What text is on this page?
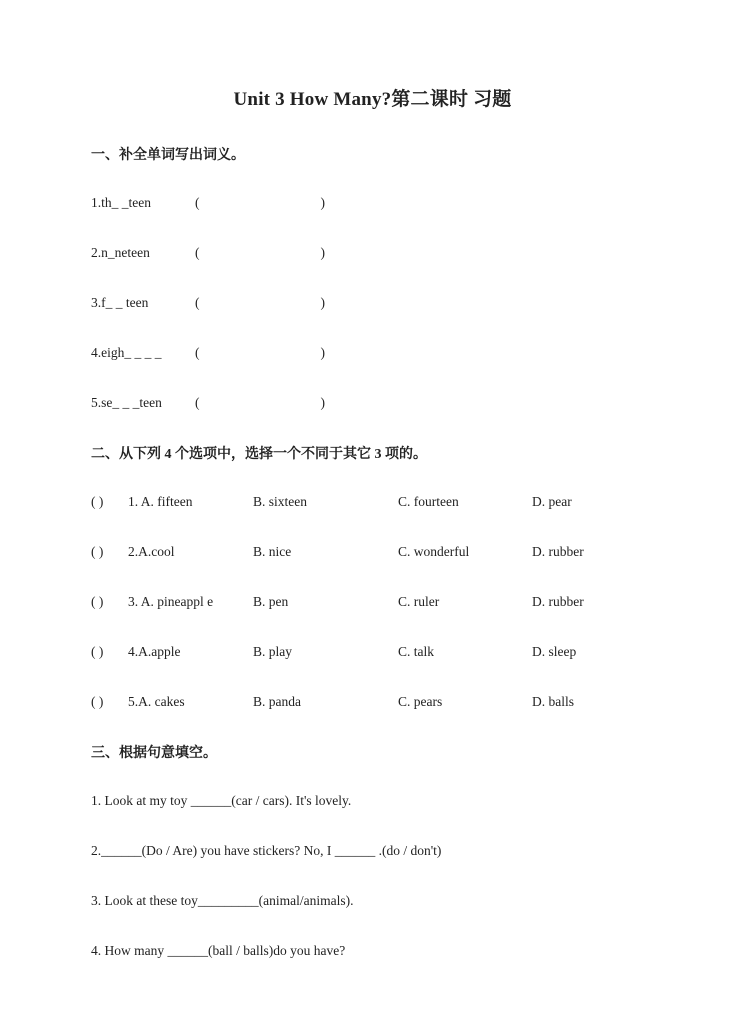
Unit 3 How Many?第二课时 习题
一、补全单词写出词义。
1.th_ _teen	(	)
2.n_neteen	(	)
3.f_ _ teen	(	)
4.eigh_ _ _ _	(	)
5.se_ _ _teen	(	)
二、从下列 4 个选项中，选择一个不同于其它 3 项的。
( )	1. A. fifteen	B. sixteen	C. fourteen	D. pear
( )	2.A.cool	B. nice	C. wonderful	D. rubber
( )	3. A. pineappl e	B. pen	C. ruler	D. rubber
( )	4.A.apple	B. play	C. talk	D. sleep
( )	5.A. cakes	B. panda	C. pears	D. balls
三、根据句意填空。
1. Look at my toy ______(car / cars). It's lovely.
2.______(Do / Are) you have stickers? No, I ______ .(do / don't)
3. Look at these toy_________(animal/animals).
4. How many ______(ball / balls)do you have?
